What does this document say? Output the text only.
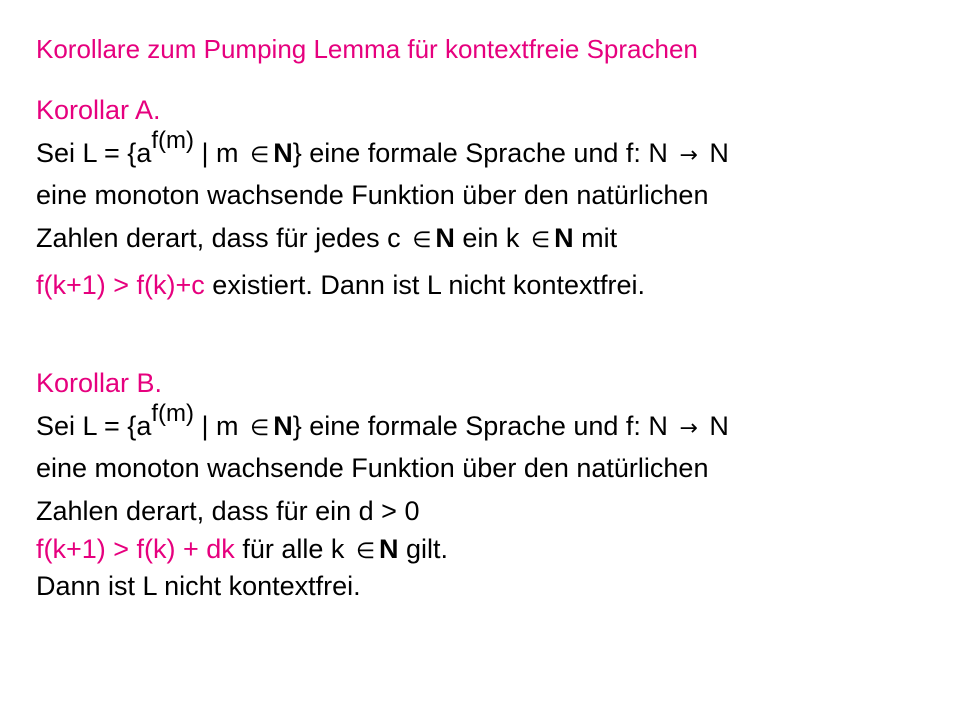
Korollare zum Pumping Lemma für kontextfreie Sprachen
Korollar A.
Sei $L = \{a^{f(m)}$ | m ∈ N} eine formale Sprache und f: N → N
eine monoton wachsende Funktion über den natürlichen
Zahlen derart, dass für jedes c ∈ N ein k ∈ N mit
f(k+1) > f(k)+c existiert. Dann ist L nicht kontextfrei.
Korollar B.
Sei $L = \{a^{f(m)}$ | m ∈ N} eine formale Sprache und f: N → N
eine monoton wachsende Funktion über den natürlichen
Zahlen derart, dass für ein d > 0
f(k+1) > f(k) + dk für alle k ∈ N gilt.
Dann ist L nicht kontextfrei.
